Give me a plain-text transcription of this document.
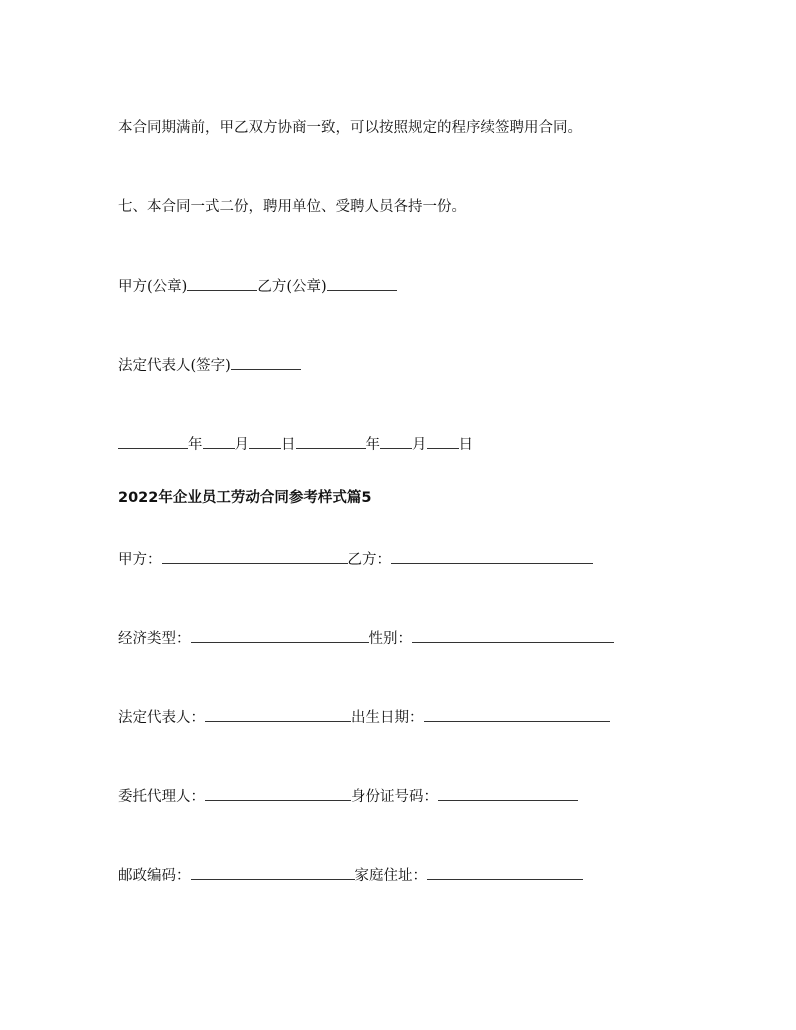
本合同期满前，甲乙双方协商一致，可以按照规定的程序续签聘用合同。
七、本合同一式二份，聘用单位、受聘人员各持一份。
甲方(公章)	乙方(公章)
法定代表人(签字)
年 月 日	年 月 日
2022年企业员工劳动合同参考样式篇5
甲方：	乙方：
经济类型：	性别：
法定代表人：	出生日期：
委托代理人：	身份证号码：
邮政编码：	家庭住址：
